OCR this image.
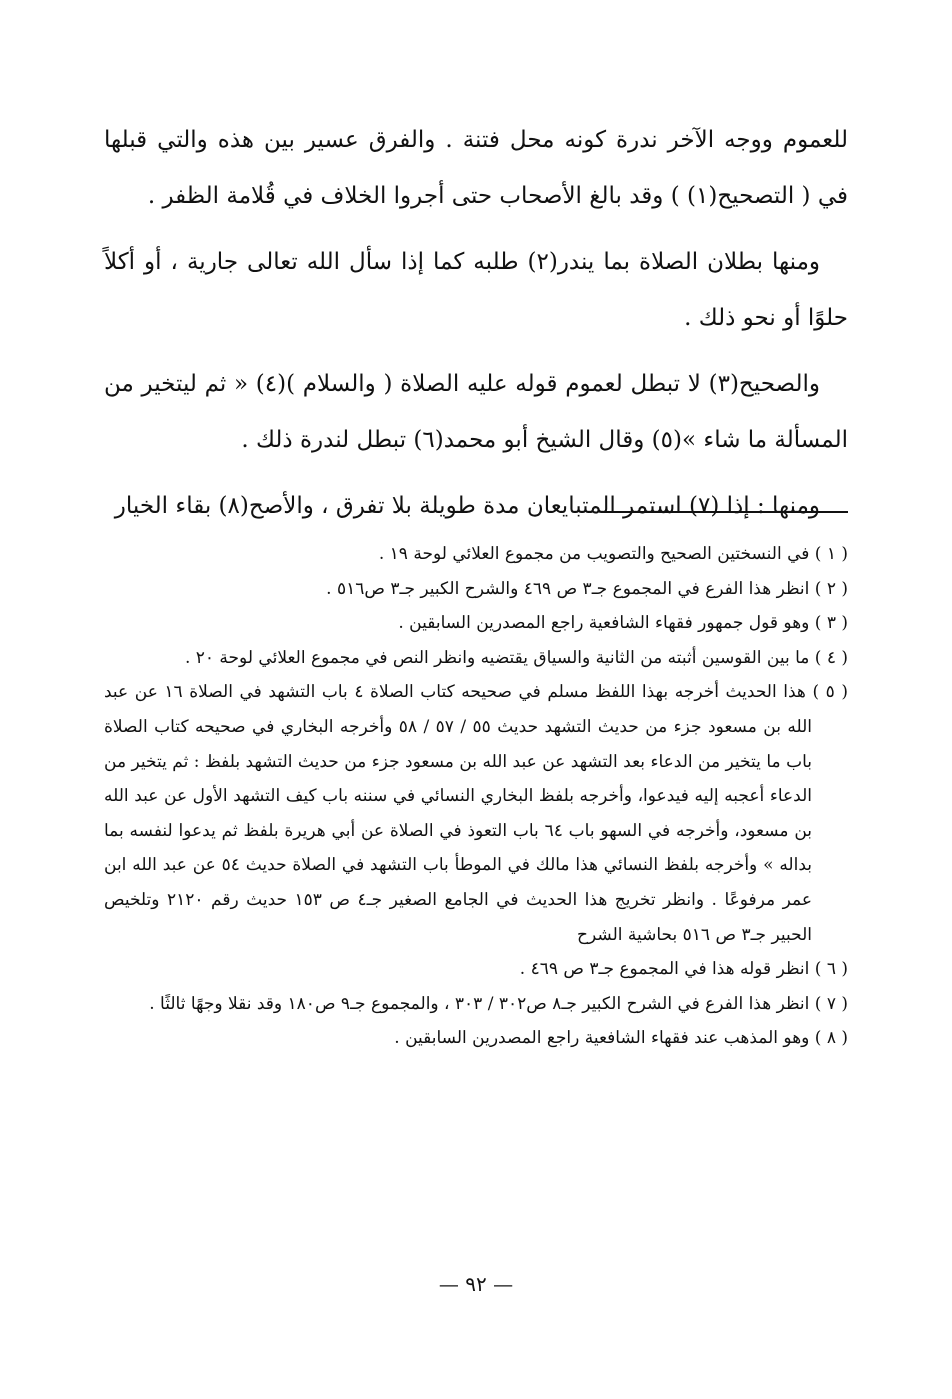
للعموم ووجه الآخر ندرة كونه محل فتنة . والفرق عسير بين هذه والتي قبلها في ( التصحيح(١) ) وقد بالغ الأصحاب حتى أجروا الخلاف في قُلامة الظفر .

ومنها بطلان الصلاة بما يندر(٢) طلبه كما إذا سأل الله تعالى جارية ، أو أكلاً حلوًا أو نحو ذلك .

والصحيح(٣) لا تبطل لعموم قوله عليه الصلاة ( والسلام )(٤) « ثم ليتخير من المسألة ما شاء »(٥) وقال الشيخ أبو محمد(٦) تبطل لندرة ذلك .

ومنها : إذا (٧) استمر المتبايعان مدة طويلة بلا تفرق ، والأصح(٨) بقاء الخيار

( ١ ) في النسختين الصحيح والتصويب من مجموع العلائي لوحة ١٩ .

( ٢ ) انظر هذا الفرع في المجموع جـ٣ ص ٤٦٩ والشرح الكبير جـ٣ ص٥١٦ .

( ٣ ) وهو قول جمهور فقهاء الشافعية راجع المصدرين السابقين .

( ٤ ) ما بين القوسين أثبته من الثانية والسياق يقتضيه وانظر النص في مجموع العلائي لوحة ٢٠ .

( ٥ ) هذا الحديث أخرجه بهذا اللفظ مسلم في صحيحه كتاب الصلاة ٤ باب التشهد في الصلاة ١٦ عن عبد الله بن مسعود جزء من حديث التشهد حديث ٥٥ / ٥٧ / ٥٨ وأخرجه البخاري في صحيحه كتاب الصلاة باب ما يتخير من الدعاء بعد التشهد عن عبد الله بن مسعود جزء من حديث التشهد بلفظ : ثم يتخير من الدعاء أعجبه إليه فيدعوا، وأخرجه بلفظ البخاري النسائي في سننه باب كيف التشهد الأول عن عبد الله بن مسعود، وأخرجه في السهو باب ٦٤ باب التعوذ في الصلاة عن أبي هريرة بلفظ ثم يدعوا لنفسه بما بداله » وأخرجه بلفظ النسائي هذا مالك في الموطأ باب التشهد في الصلاة حديث ٥٤ عن عبد الله ابن عمر مرفوعًا . وانظر تخريج هذا الحديث في الجامع الصغير جـ٤ ص ١٥٣ حديث رقم ٢١٢٠ وتلخيص الحبير جـ٣ ص ٥١٦ بحاشية الشرح

( ٦ ) انظر قوله هذا في المجموع جـ٣ ص ٤٦٩ .

( ٧ ) انظر هذا الفرع في الشرح الكبير جـ٨ ص٣٠٢ / ٣٠٣ ، والمجموع جـ٩ ص١٨٠ وقد نقلا وجهًا ثالثًا .

( ٨ ) وهو المذهب عند فقهاء الشافعية راجع المصدرين السابقين .

— ٩٢ —
